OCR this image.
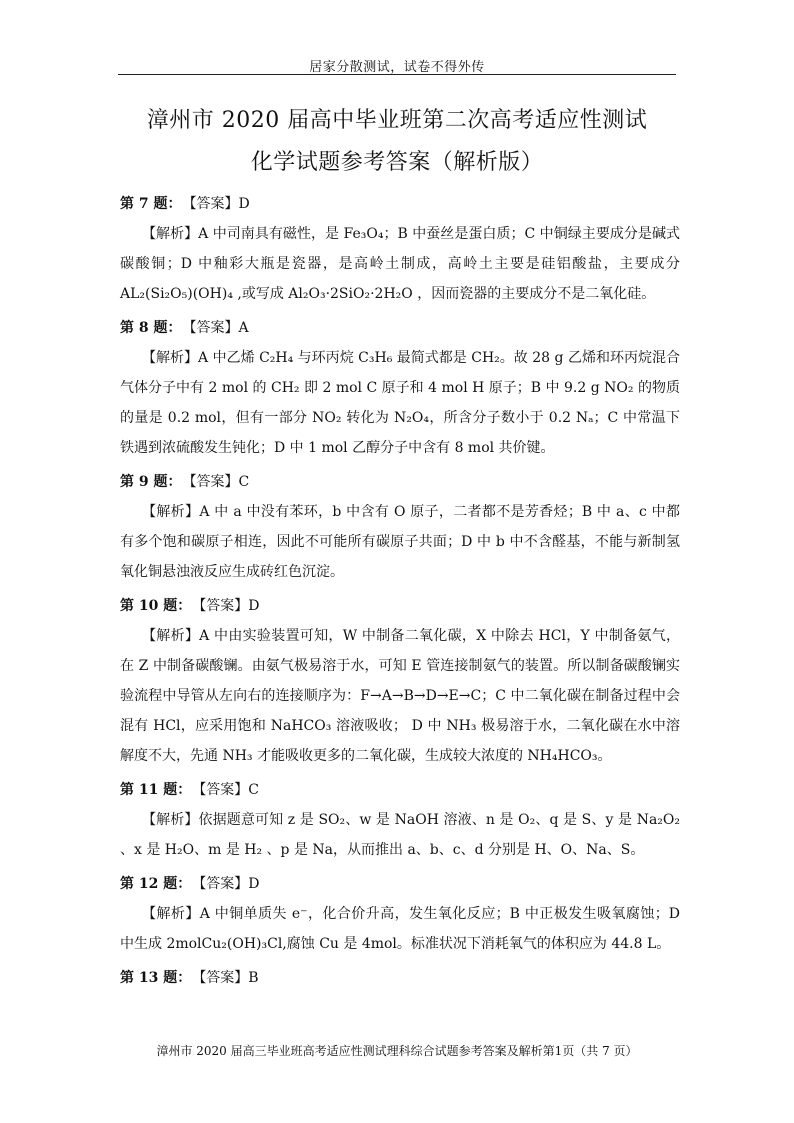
居家分散测试，试卷不得外传
漳州市 2020 届高中毕业班第二次高考适应性测试
化学试题参考答案（解析版）
第 7 题： 【答案】D

【解析】A 中司南具有磁性，是 Fe₃O₄；B 中蚕丝是蛋白质；C 中铜绿主要成分是碱式碳酸铜；D 中釉彩大瓶是瓷器，是高岭土制成，高岭土主要是硅铝酸盐，主要成分 AL₂(Si₂O₅)(OH)₄ ,或写成 Al₂O₃·2SiO₂·2H₂O ，因而瓷器的主要成分不是二氧化硅。

第 8 题： 【答案】A

【解析】A 中乙烯 C₂H₄ 与环丙烷 C₃H₆ 最简式都是 CH₂。故 28 g 乙烯和环丙烷混合气体分子中有 2 mol 的 CH₂ 即 2 mol C 原子和 4 mol H 原子；B 中 9.2 g NO₂ 的物质的量是 0.2 mol，但有一部分 NO₂ 转化为 N₂O₄，所含分子数小于 0.2 Nₐ；C 中常温下铁遇到浓硫酸发生钝化；D 中 1 mol 乙醇分子中含有 8 mol 共价键。

第 9 题： 【答案】C

【解析】A 中 a 中没有苯环，b 中含有 O 原子，二者都不是芳香烃；B 中 a、c 中都有多个饱和碳原子相连，因此不可能所有碳原子共面；D 中 b 中不含醛基，不能与新制氢氧化铜悬浊液反应生成砖红色沉淀。

第 10 题： 【答案】D

【解析】A 中由实验装置可知，W 中制备二氧化碳，X 中除去 HCl，Y 中制备氨气，在 Z 中制备碳酸镧。由氨气极易溶于水，可知 E 管连接制氨气的装置。所以制备碳酸镧实验流程中导管从左向右的连接顺序为：F→A→B→D→E→C；C 中二氧化碳在制备过程中会混有 HCl，应采用饱和 NaHCO₃ 溶液吸收； D 中 NH₃ 极易溶于水，二氧化碳在水中溶解度不大，先通 NH₃ 才能吸收更多的二氧化碳，生成较大浓度的 NH₄HCO₃。

第 11 题： 【答案】C

【解析】依据题意可知 z 是 SO₂、w 是 NaOH 溶液、n 是 O₂、q 是 S、y 是 Na₂O₂ 、x 是 H₂O、m 是 H₂ 、p 是 Na，从而推出 a、b、c、d 分别是 H、O、Na、S。

第 12 题： 【答案】D

【解析】A 中铜单质失 e⁻，化合价升高，发生氧化反应；B 中正极发生吸氧腐蚀；D 中生成 2molCu₂(OH)₃Cl,腐蚀 Cu 是 4mol。标准状况下消耗氧气的体积应为 44.8 L。

第 13 题： 【答案】B
漳州市 2020 届高三毕业班高考适应性测试理科综合试题参考答案及解析第1页（共 7 页）
